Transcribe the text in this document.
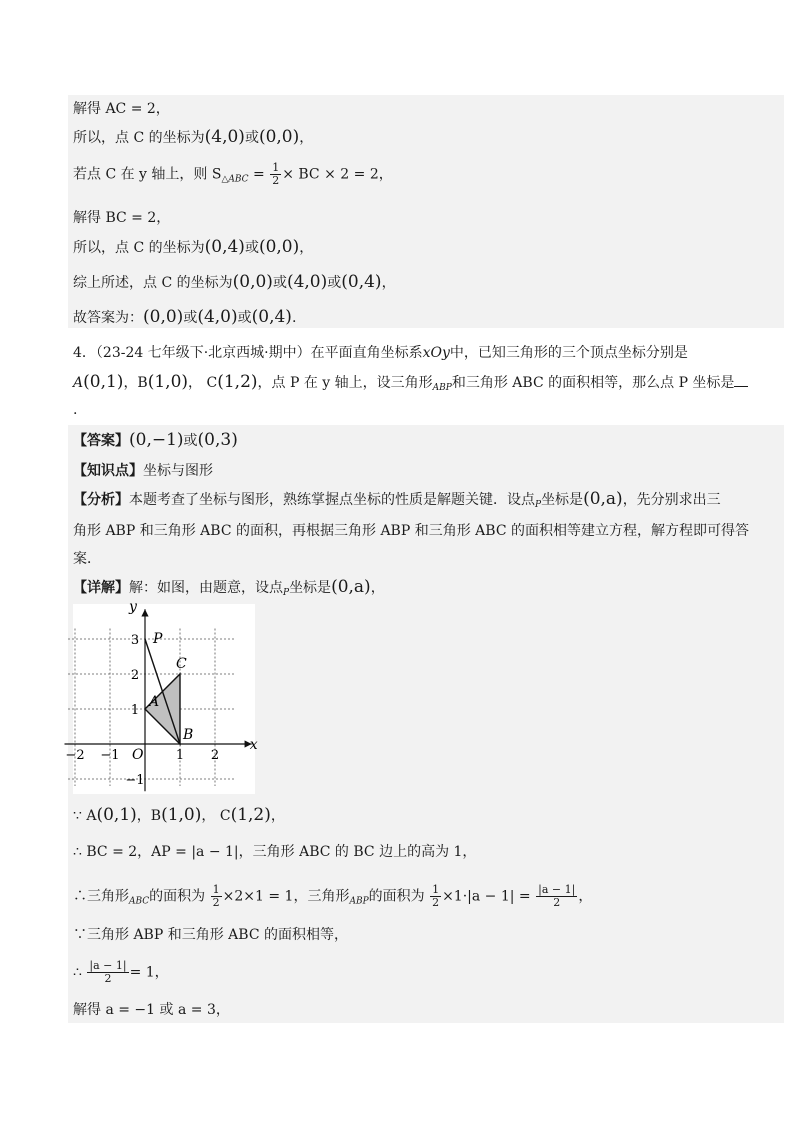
解得 AC = 2，
所以，点 C 的坐标为(4,0)或(0,0)，
若点 C 在 y 轴上，则 $S_{\triangle ABC} = \frac{1}{2}$ × BC × 2 = 2，
解得 BC = 2，
所以，点 C 的坐标为(0,4)或(0,0)，
综上所述，点 C 的坐标为(0,0)或(4,0)或(0,4)，
故答案为：(0,0)或(4,0)或(0,4).
4．（23-24 七年级下·北京西城·期中）在平面直角坐标系xOy中，已知三角形的三个顶点坐标分别是
A(0,1)，B(1,0)， C(1,2)，点 P 在 y 轴上，设三角形$_{ABP}$和三角形 ABC 的面积相等，那么点 P 坐标是
.
【答案】(0,−1)或(0,3)
【知识点】坐标与图形
【分析】本题考查了坐标与图形，熟练掌握点坐标的性质是解题关键．设点$_P$坐标是(0,a)，先分别求出三
角形 ABP 和三角形 ABC 的面积，再根据三角形 ABP 和三角形 ABC 的面积相等建立方程，解方程即可得答
案．
【详解】解：如图，由题意，设点$_P$坐标是(0,a)，
−2 −1	1 2
3
2
1
−1
x
y
O
P
A
B
C
∵ A(0,1)，B(1,0)， C(1,2)，
∴ BC = 2，AP = |a − 1|，三角形 ABC 的 BC 边上的高为 1，
∴三角形$_{ABC}$的面积为 $\frac{1}{2} \times 2\times 1 = 1$，三角形$_{ABP}$的面积为 $\frac{1}{2} \times 1\cdot|a - 1| = \frac{|a - 1|}{2}$ ，
∵三角形 ABP 和三角形 ABC 的面积相等，
∴ $\frac{|a - 1|}{2} = 1$，
解得 a = −1 或 a = 3，
